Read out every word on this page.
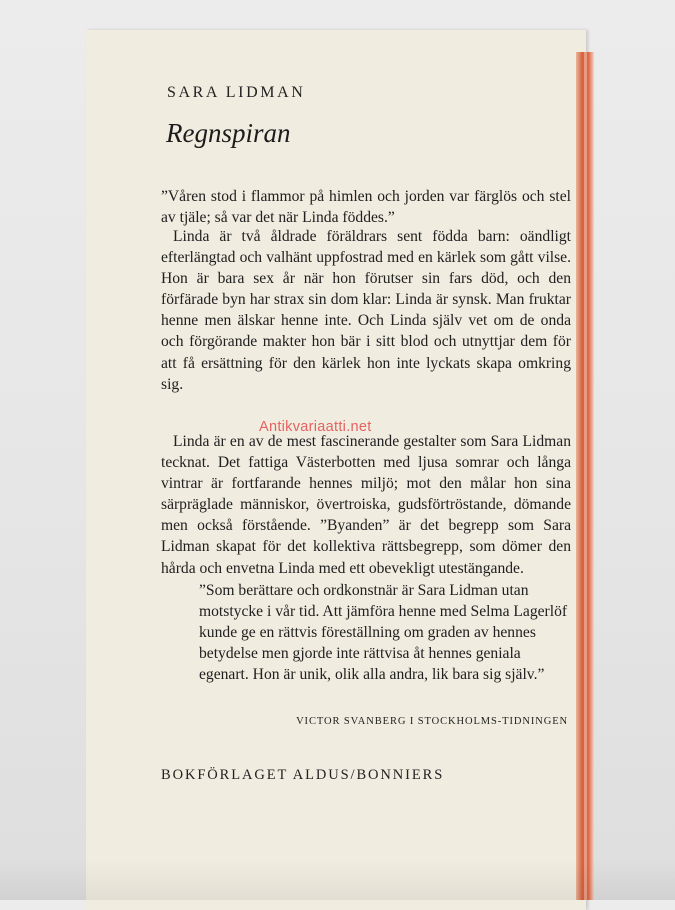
SARA LIDMAN
Regnspiran

”Våren stod i flammor på himlen och jorden var färglös och stel av tjäle; så var det när Linda föddes.”

Linda är två åldrade föräldrars sent födda barn: oändligt efterlängtad och valhänt uppfostrad med en kärlek som gått vilse. Hon är bara sex år när hon förutser sin fars död, och den förfärade byn har strax sin dom klar: Linda är synsk. Man fruktar henne men älskar henne inte. Och Linda själv vet om de onda och förgörande makter hon bär i sitt blod och utnyttjar dem för att få ersättning för den kärlek hon inte lyckats skapa omkring sig.

Linda är en av de mest fascinerande gestalter som Sara Lidman tecknat. Det fattiga Västerbotten med ljusa somrar och långa vintrar är fortfarande hennes miljö; mot den målar hon sina särpräglade människor, övertroiska, gudsförtröstande, dömande men också förstående. ”Byanden” är det begrepp som Sara Lidman skapat för det kollektiva rättsbegrepp, som dömer den hårda och envetna Linda med ett obevekligt utestängande.

Antikvariaatti.net

”Som berättare och ordkonstnär är Sara Lidman utan motstycke i vår tid. Att jämföra henne med Selma Lagerlöf kunde ge en rättvis föreställning om graden av hennes betydelse men gjorde inte rättvisa åt hennes geniala egenart. Hon är unik, olik alla andra, lik bara sig själv.”

VICTOR SVANBERG I STOCKHOLMS-TIDNINGEN
BOKFÖRLAGET ALDUS/BONNIERS
